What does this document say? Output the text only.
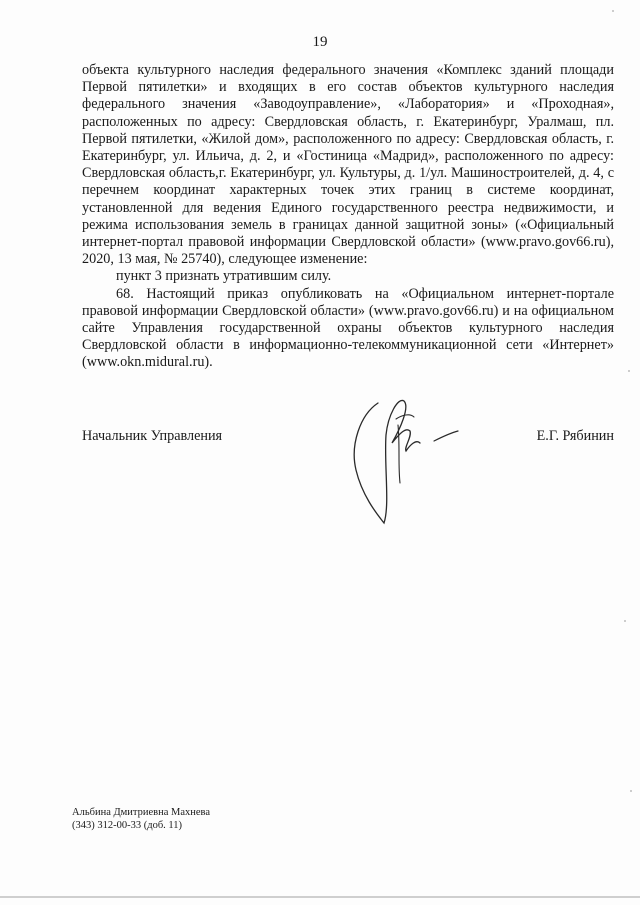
19

объекта культурного наследия федерального значения «Комплекс зданий площади Первой пятилетки» и входящих в его состав объектов культурного наследия федерального значения «Заводоуправление», «Лаборатория» и «Проходная», расположенных по адресу: Свердловская область, г. Екатеринбург, Уралмаш, пл. Первой пятилетки, «Жилой дом», расположенного по адресу: Свердловская область, г. Екатеринбург, ул. Ильича, д. 2, и «Гостиница «Мадрид», расположенного по адресу: Свердловская область,г. Екатеринбург, ул. Культуры, д. 1/ул. Машиностроителей, д. 4, с перечнем координат характерных точек этих границ в системе координат, установленной для ведения Единого государственного реестра недвижимости, и режима использования земель в границах данной защитной зоны» («Официальный интернет-портал правовой информации Свердловской области» (www.pravo.gov66.ru), 2020, 13 мая, № 25740), следующее изменение:

пункт 3 признать утратившим силу.

68. Настоящий приказ опубликовать на «Официальном интернет-портале правовой информации Свердловской области» (www.pravo.gov66.ru) и на официальном сайте Управления государственной охраны объектов культурного наследия Свердловской области в информационно-телекоммуникационной сети «Интернет» (www.okn.midural.ru).

Начальник Управления	Е.Г. Рябинин
Альбина Дмитриевна Махнева
(343) 312-00-33 (доб. 11)
